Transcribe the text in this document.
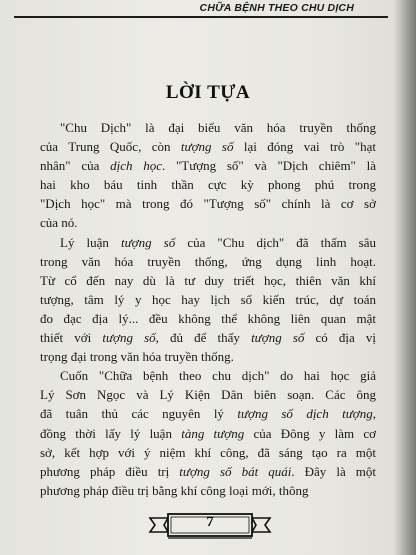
CHỮA BỆNH THEO CHU DỊCH
LỜI TỰA

"Chu Dịch" là đại biểu văn hóa truyền thống
của Trung Quốc, còn tượng số lại đóng vai trò "hạt
nhân" của dịch học. "Tượng số" và "Dịch chiêm" là
hai kho báu tinh thần cực kỳ phong phú trong
"Dịch học" mà trong đó "Tượng số" chính là cơ sở
của nó.

Lý luận tượng số của "Chu dịch" đã thấm sâu
trong văn hóa truyền thống, ứng dụng linh hoạt.
Từ cổ đến nay dù là tư duy triết học, thiên văn khí
tượng, tâm lý y học hay lịch số kiến trúc, dự toán
đo đạc địa lý... đều không thể không liên quan mật
thiết với tượng số, đủ để thấy tượng số có địa vị
trọng đại trong văn hóa truyền thống.

Cuốn "Chữa bệnh theo chu dịch" do hai học giả
Lý Sơn Ngọc và Lý Kiện Dân biên soạn. Các ông
đã tuân thủ các nguyên lý tượng số dịch tượng,
đồng thời lấy lý luận tàng tượng của Đông y làm cơ
sở, kết hợp với ý niệm khí công, đã sáng tạo ra một
phương pháp điều trị tượng số bát quái. Đây là một
phương pháp điều trị bằng khí công loại mới, thông

7
